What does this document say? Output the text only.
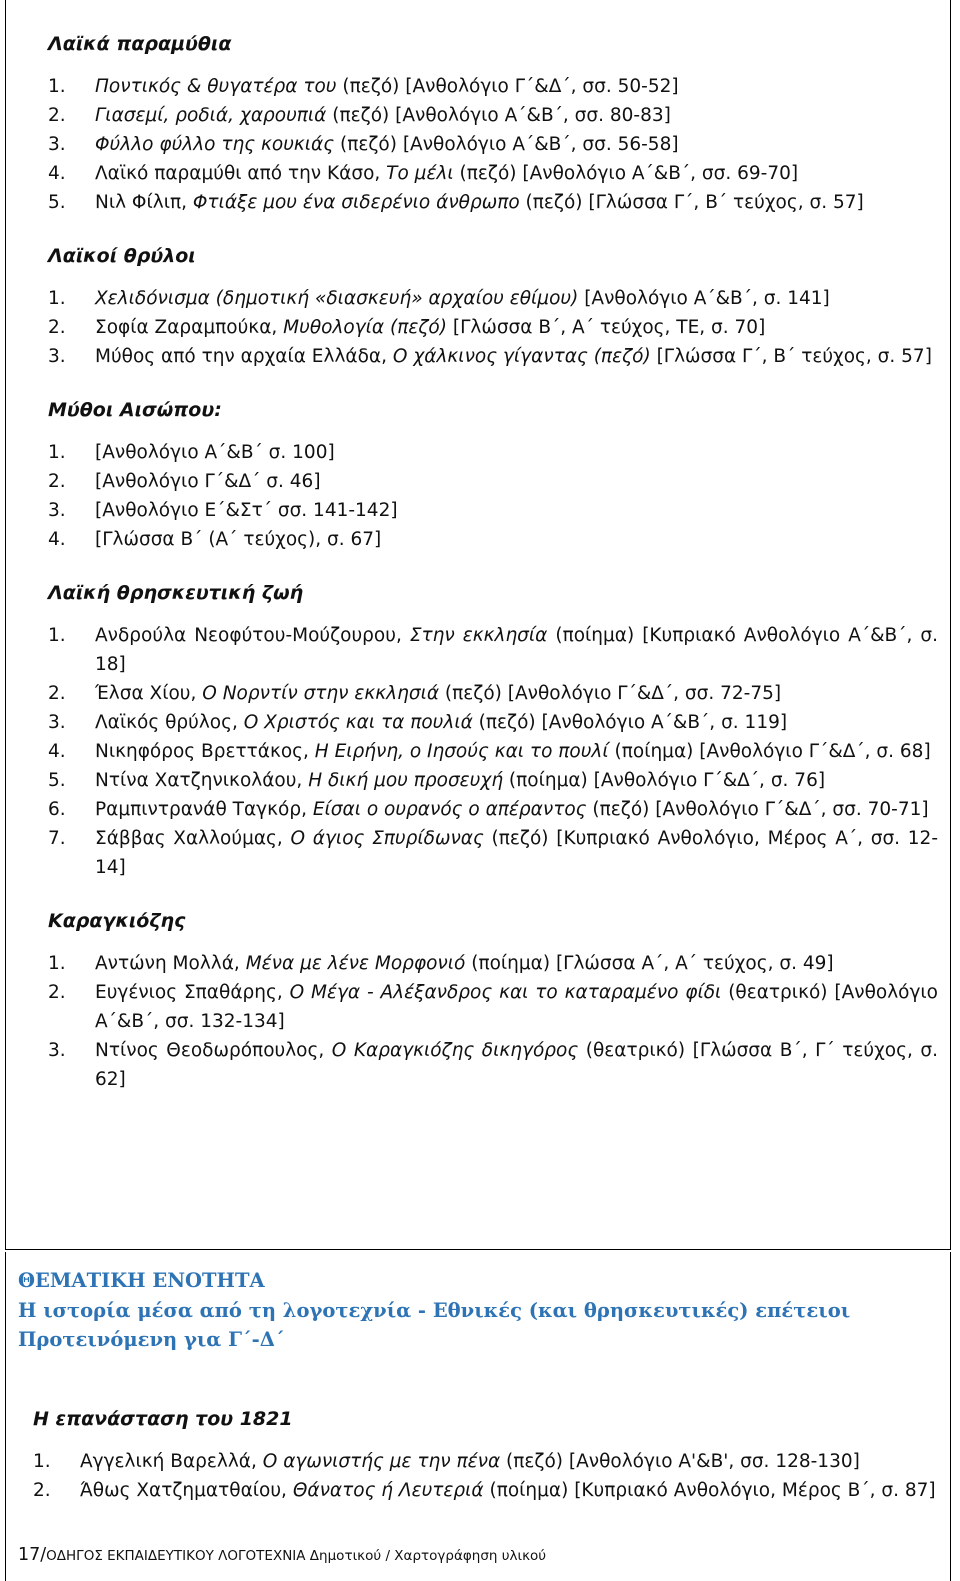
Λαϊκά παραμύθια
1. Ποντικός & θυγατέρα του (πεζό) [Ανθολόγιο Γ΄&Δ΄, σσ. 50-52]
2. Γιασεμί, ροδιά, χαρουπιά (πεζό) [Ανθολόγιο Α΄&Β΄, σσ. 80-83]
3. Φύλλο φύλλο της κουκιάς (πεζό) [Ανθολόγιο Α΄&Β΄, σσ. 56-58]
4. Λαϊκό παραμύθι από την Κάσο, Το μέλι (πεζό) [Ανθολόγιο Α΄&Β΄, σσ. 69-70]
5. Νιλ Φίλιπ, Φτιάξε μου ένα σιδερένιο άνθρωπο (πεζό) [Γλώσσα Γ΄, Β΄ τεύχος, σ. 57]
Λαϊκοί θρύλοι
1. Χελιδόνισμα (δημοτική «διασκευή» αρχαίου εθίμου) [Ανθολόγιο Α΄&Β΄, σ. 141]
2. Σοφία Ζαραμπούκα, Μυθολογία (πεζό) [Γλώσσα Β΄, Α΄ τεύχος, ΤΕ, σ. 70]
3. Μύθος από την αρχαία Ελλάδα, Ο χάλκινος γίγαντας (πεζό) [Γλώσσα Γ΄, Β΄ τεύχος, σ. 57]
Μύθοι Αισώπου:
1. [Ανθολόγιο Α΄&Β΄ σ. 100]
2. [Ανθολόγιο Γ΄&Δ΄ σ. 46]
3. [Ανθολόγιο Ε΄&Στ΄ σσ. 141-142]
4. [Γλώσσα Β΄ (Α΄ τεύχος), σ. 67]
Λαϊκή θρησκευτική ζωή
1. Ανδρούλα Νεοφύτου-Μούζουρου, Στην εκκλησία (ποίημα) [Κυπριακό Ανθολόγιο Α΄&Β΄, σ. 18]
2. Έλσα Χίου, Ο Νορντίν στην εκκλησιά (πεζό) [Ανθολόγιο Γ΄&Δ΄, σσ. 72-75]
3. Λαϊκός θρύλος, Ο Χριστός και τα πουλιά (πεζό) [Ανθολόγιο Α΄&Β΄, σ. 119]
4. Νικηφόρος Βρεττάκος, Η Ειρήνη, ο Ιησούς και το πουλί (ποίημα) [Ανθολόγιο Γ΄&Δ΄, σ. 68]
5. Ντίνα Χατζηνικολάου, Η δική μου προσευχή (ποίημα) [Ανθολόγιο Γ΄&Δ΄, σ. 76]
6. Ραμπιντρανάθ Ταγκόρ, Είσαι ο ουρανός ο απέραντος (πεζό) [Ανθολόγιο Γ΄&Δ΄, σσ. 70-71]
7. Σάββας Χαλλούμας, Ο άγιος Σπυρίδωνας (πεζό) [Κυπριακό Ανθολόγιο, Μέρος Α΄, σσ. 12-14]
Καραγκιόζης
1. Αντώνη Μολλά, Μένα με λένε Μορφονιό (ποίημα) [Γλώσσα Α΄, Α΄ τεύχος, σ. 49]
2. Ευγένιος Σπαθάρης, Ο Μέγα - Αλέξανδρος και το καταραμένο φίδι (θεατρικό) [Ανθολόγιο Α΄&Β΄, σσ. 132-134]
3. Ντίνος Θεοδωρόπουλος, Ο Καραγκιόζης δικηγόρος (θεατρικό) [Γλώσσα Β΄, Γ΄ τεύχος, σ. 62]
ΘΕΜΑΤΙΚΗ ΕΝΟΤΗΤΑ
Η ιστορία μέσα από τη λογοτεχνία - Εθνικές (και θρησκευτικές) επέτειοι
Προτεινόμενη για Γ΄-Δ΄
Η επανάσταση του 1821
1. Αγγελική Βαρελλά, Ο αγωνιστής με την πένα (πεζό) [Ανθολόγιο Α'&Β', σσ. 128-130]
2. Άθως Χατζηματθαίου, Θάνατος ή Λευτεριά (ποίημα) [Κυπριακό Ανθολόγιο, Μέρος Β΄, σ. 87]
17/ΟΔΗΓΟΣ ΕΚΠΑΙΔΕΥΤΙΚΟΥ ΛΟΓΟΤΕΧΝΙΑ Δημοτικού / Χαρτογράφηση υλικού
